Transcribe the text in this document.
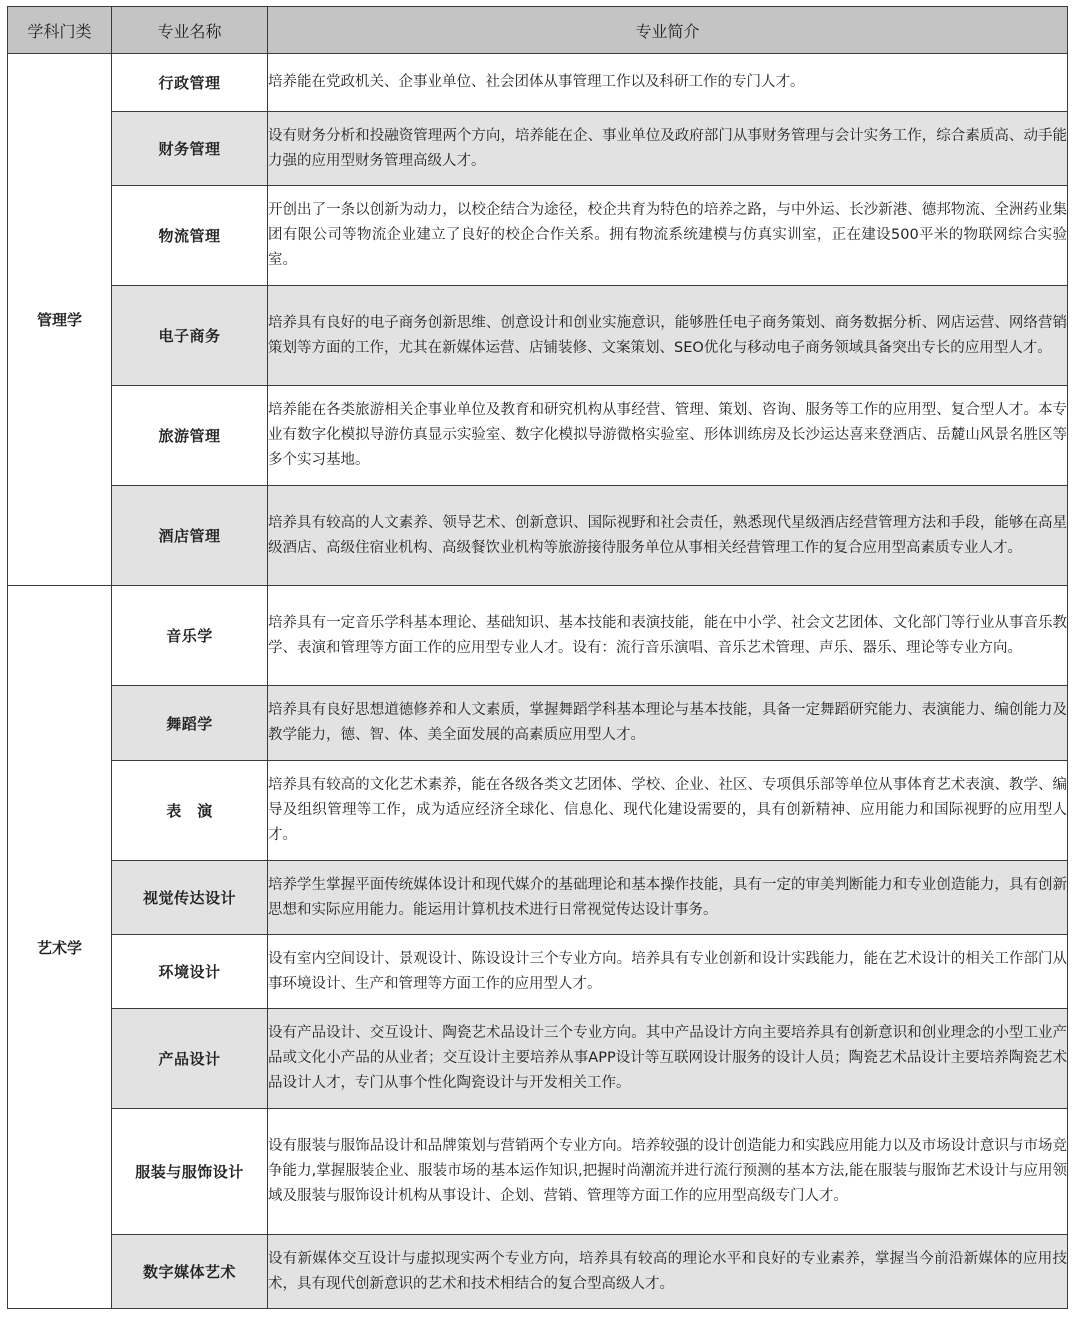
学科门类	专业名称	专业简介
管理学	行政管理	培养能在党政机关、企事业单位、社会团体从事管理工作以及科研工作的专门人才。
	财务管理	设有财务分析和投融资管理两个方向，培养能在企、事业单位及政府部门从事财务管理与会计实务工作，综合素质高、动手能力强的应用型财务管理高级人才。
	物流管理	开创出了一条以创新为动力，以校企结合为途径，校企共育为特色的培养之路，与中外运、长沙新港、德邦物流、全洲药业集团有限公司等物流企业建立了良好的校企合作关系。拥有物流系统建模与仿真实训室，正在建设500平米的物联网综合实验室。
	电子商务	培养具有良好的电子商务创新思维、创意设计和创业实施意识，能够胜任电子商务策划、商务数据分析、网店运营、网络营销策划等方面的工作，尤其在新媒体运营、店铺装修、文案策划、SEO优化与移动电子商务领域具备突出专长的应用型人才。
	旅游管理	培养能在各类旅游相关企事业单位及教育和研究机构从事经营、管理、策划、咨询、服务等工作的应用型、复合型人才。本专业有数字化模拟导游仿真显示实验室、数字化模拟导游微格实验室、形体训练房及长沙运达喜来登酒店、岳麓山风景名胜区等多个实习基地。
	酒店管理	培养具有较高的人文素养、领导艺术、创新意识、国际视野和社会责任，熟悉现代星级酒店经营管理方法和手段，能够在高星级酒店、高级住宿业机构、高级餐饮业机构等旅游接待服务单位从事相关经营管理工作的复合应用型高素质专业人才。
艺术学	音乐学	培养具有一定音乐学科基本理论、基础知识、基本技能和表演技能，能在中小学、社会文艺团体、文化部门等行业从事音乐教学、表演和管理等方面工作的应用型专业人才。设有：流行音乐演唱、音乐艺术管理、声乐、器乐、理论等专业方向。
	舞蹈学	培养具有良好思想道德修养和人文素质，掌握舞蹈学科基本理论与基本技能，具备一定舞蹈研究能力、表演能力、编创能力及教学能力，德、智、体、美全面发展的高素质应用型人才。
	表　演	培养具有较高的文化艺术素养，能在各级各类文艺团体、学校、企业、社区、专项俱乐部等单位从事体育艺术表演、教学、编导及组织管理等工作，成为适应经济全球化、信息化、现代化建设需要的，具有创新精神、应用能力和国际视野的应用型人才。
	视觉传达设计	培养学生掌握平面传统媒体设计和现代媒介的基础理论和基本操作技能，具有一定的审美判断能力和专业创造能力，具有创新思想和实际应用能力。能运用计算机技术进行日常视觉传达设计事务。
	环境设计	设有室内空间设计、景观设计、陈设设计三个专业方向。培养具有专业创新和设计实践能力，能在艺术设计的相关工作部门从事环境设计、生产和管理等方面工作的应用型人才。
	产品设计	设有产品设计、交互设计、陶瓷艺术品设计三个专业方向。其中产品设计方向主要培养具有创新意识和创业理念的小型工业产品或文化小产品的从业者；交互设计主要培养从事APP设计等互联网设计服务的设计人员；陶瓷艺术品设计主要培养陶瓷艺术品设计人才，专门从事个性化陶瓷设计与开发相关工作。
	服装与服饰设计	设有服装与服饰品设计和品牌策划与营销两个专业方向。培养较强的设计创造能力和实践应用能力以及市场设计意识与市场竞争能力,掌握服装企业、服装市场的基本运作知识,把握时尚潮流并进行流行预测的基本方法,能在服装与服饰艺术设计与应用领域及服装与服饰设计机构从事设计、企划、营销、管理等方面工作的应用型高级专门人才。
	数字媒体艺术	设有新媒体交互设计与虚拟现实两个专业方向，培养具有较高的理论水平和良好的专业素养，掌握当今前沿新媒体的应用技术，具有现代创新意识的艺术和技术相结合的复合型高级人才。
